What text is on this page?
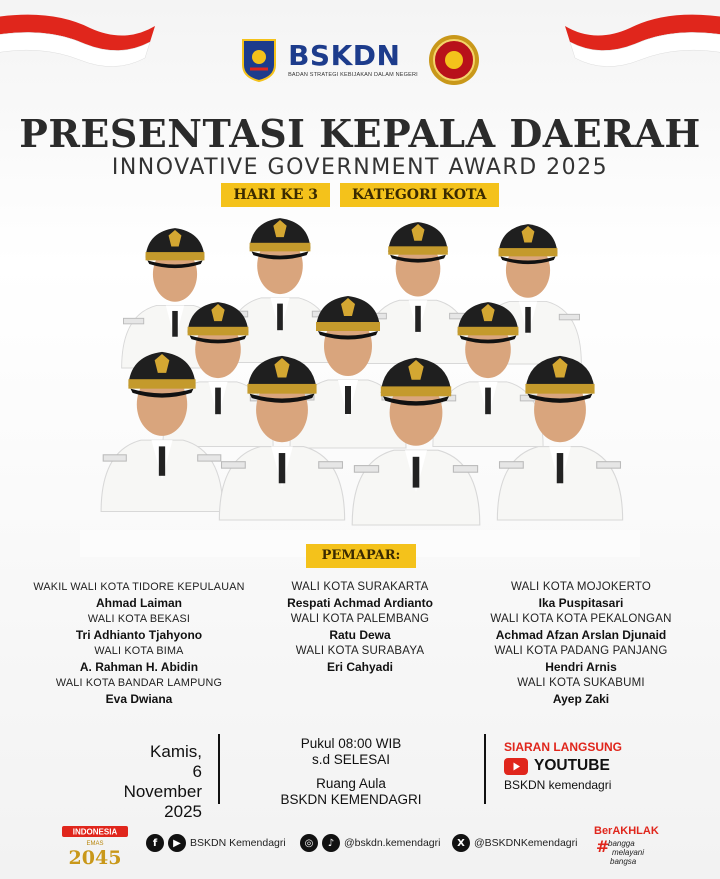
BSKDN
BADAN STRATEGI KEBIJAKAN DALAM NEGERI
PRESENTASI KEPALA DAERAH
INNOVATIVE GOVERNMENT AWARD 2025
HARI KE 3	KATEGORI KOTA
PEMAPAR:
WAKIL WALI KOTA TIDORE KEPULAUAN
Ahmad Laiman
WALI KOTA BEKASI
Tri Adhianto Tjahyono
WALI KOTA BIMA
A. Rahman H. Abidin
WALI KOTA BANDAR LAMPUNG
Eva Dwiana
WALI KOTA SURAKARTA
Respati Achmad Ardianto
WALI KOTA PALEMBANG
Ratu Dewa
WALI KOTA SURABAYA
Eri Cahyadi
WALI KOTA MOJOKERTO
Ika Puspitasari
WALI KOTA KOTA PEKALONGAN
Achmad Afzan Arslan Djunaid
WALI KOTA PADANG PANJANG
Hendri Arnis
WALI KOTA SUKABUMI
Ayep Zaki
Kamis,
6 November
2025
Pukul 08:00 WIB
s.d SELESAI
Ruang Aula
BSKDN KEMENDAGRI
SIARAN LANGSUNG
YOUTUBE
BSKDN kemendagri
INDONESIA
EMAS
2045
f	▶ BSKDN Kemendagri	◎	♪ @bskdn.kemendagri	X @BSKDNKemendagri
BerAKHLAK
#
bangga
melayani
bangsa
